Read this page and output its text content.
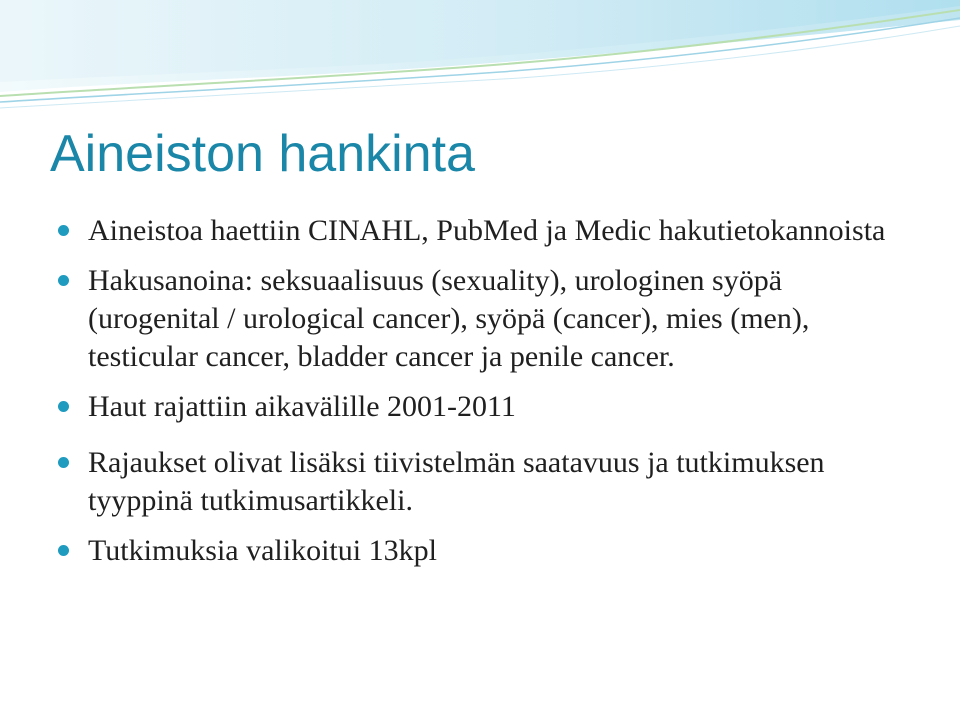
Aineiston hankinta
Aineistoa haettiin CINAHL, PubMed ja Medic hakutietokannoista
Hakusanoina: seksuaalisuus (sexuality), urologinen syöpä (urogenital / urological cancer), syöpä (cancer), mies (men), testicular cancer, bladder cancer ja penile cancer.
Haut rajattiin aikavälille 2001-2011
Rajaukset olivat lisäksi tiivistelmän saatavuus ja tutkimuksen tyyppinä tutkimusartikkeli.
Tutkimuksia valikoitui 13kpl
